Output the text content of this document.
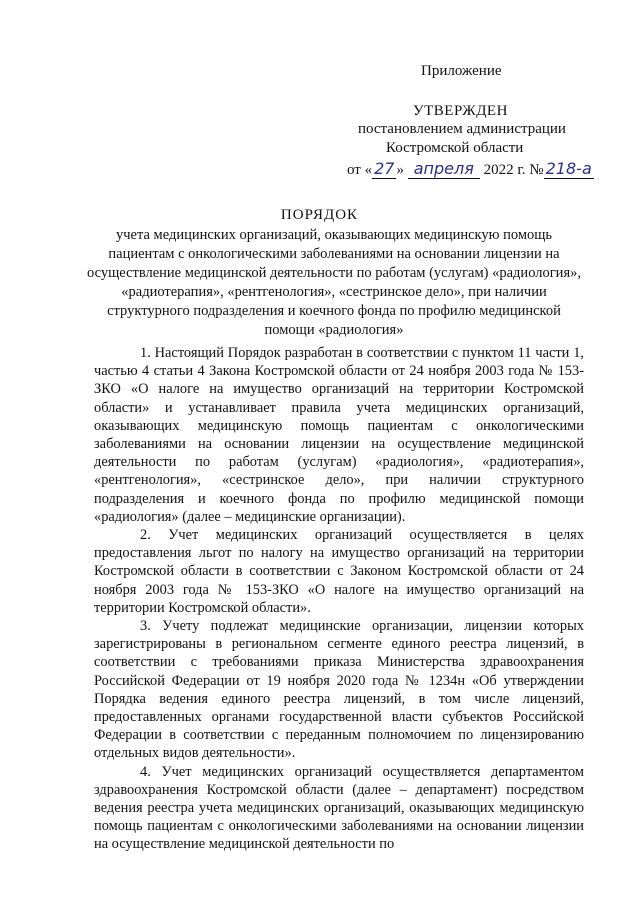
Приложение
УТВЕРЖДЕН
постановлением администрации
Костромской области
от « 27 » апреля 2022 г. № 218-а
ПОРЯДОК
учета медицинских организаций, оказывающих медицинскую помощь пациентам с онкологическими заболеваниями на основании лицензии на осуществление медицинской деятельности по работам (услугам) «радиология», «радиотерапия», «рентгенология», «сестринское дело», при наличии структурного подразделения и коечного фонда по профилю медицинской помощи «радиология»

1. Настоящий Порядок разработан в соответствии с пунктом 11 части 1, частью 4 статьи 4 Закона Костромской области от 24 ноября 2003 года № 153-ЗКО «О налоге на имущество организаций на территории Костромской области» и устанавливает правила учета медицинских организаций, оказывающих медицинскую помощь пациентам с онкологическими заболеваниями на основании лицензии на осуществление медицинской деятельности по работам (услугам) «радиология», «радиотерапия», «рентгенология», «сестринское дело», при наличии структурного подразделения и коечного фонда по профилю медицинской помощи «радиология» (далее – медицинские организации).

2. Учет медицинских организаций осуществляется в целях предоставления льгот по налогу на имущество организаций на территории Костромской области в соответствии с Законом Костромской области от 24 ноября 2003 года № 153-ЗКО «О налоге на имущество организаций на территории Костромской области».

3. Учету подлежат медицинские организации, лицензии которых зарегистрированы в региональном сегменте единого реестра лицензий, в соответствии с требованиями приказа Министерства здравоохранения Российской Федерации от 19 ноября 2020 года № 1234н «Об утверждении Порядка ведения единого реестра лицензий, в том числе лицензий, предоставленных органами государственной власти субъектов Российской Федерации в соответствии с переданным полномочием по лицензированию отдельных видов деятельности».

4. Учет медицинских организаций осуществляется департаментом здравоохранения Костромской области (далее – департамент) посредством ведения реестра учета медицинских организаций, оказывающих медицинскую помощь пациентам с онкологическими заболеваниями на основании лицензии на осуществление медицинской деятельности по
